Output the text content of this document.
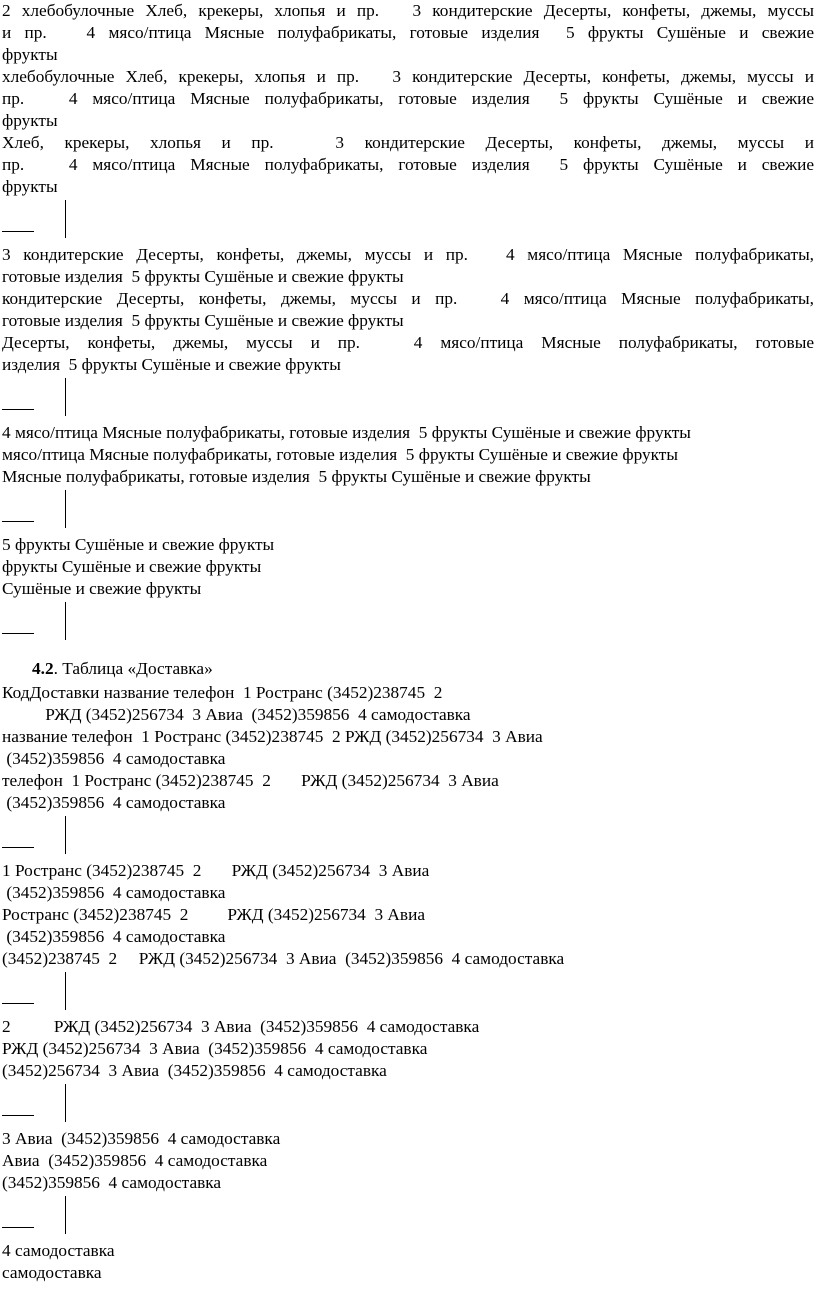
2 хлебобулочные Хлеб, крекеры, хлопья и пр.   3 кондитерские Десерты, конфеты, джемы, муссы
и пр.   4 мясо/птица Мясные полуфабрикаты, готовые изделия  5 фрукты Сушёные и свежие
фрукты
хлебобулочные Хлеб, крекеры, хлопья и пр.   3 кондитерские Десерты, конфеты, джемы, муссы и
пр.   4 мясо/птица Мясные полуфабрикаты, готовые изделия  5 фрукты Сушёные и свежие
фрукты
Хлеб, крекеры, хлопья и пр.   3 кондитерские Десерты, конфеты, джемы, муссы и
пр.   4 мясо/птица Мясные полуфабрикаты, готовые изделия  5 фрукты Сушёные и свежие
фрукты
3 кондитерские Десерты, конфеты, джемы, муссы и пр.   4 мясо/птица Мясные полуфабрикаты,
готовые изделия  5 фрукты Сушёные и свежие фрукты
кондитерские Десерты, конфеты, джемы, муссы и пр.   4 мясо/птица Мясные полуфабрикаты,
готовые изделия  5 фрукты Сушёные и свежие фрукты
Десерты, конфеты, джемы, муссы и пр.   4 мясо/птица Мясные полуфабрикаты, готовые
изделия  5 фрукты Сушёные и свежие фрукты
4 мясо/птица Мясные полуфабрикаты, готовые изделия  5 фрукты Сушёные и свежие фрукты
мясо/птица Мясные полуфабрикаты, готовые изделия  5 фрукты Сушёные и свежие фрукты
Мясные полуфабрикаты, готовые изделия  5 фрукты Сушёные и свежие фрукты
5 фрукты Сушёные и свежие фрукты
фрукты Сушёные и свежие фрукты
Сушёные и свежие фрукты
4.2. Таблица «Доставка»
КодДоставки название телефон  1 Ространс (3452)238745  2
РЖД (3452)256734  3 Авиа  (3452)359856  4 самодоставка
название телефон  1 Ространс (3452)238745  2 РЖД (3452)256734  3 Авиа
(3452)359856  4 самодоставка
телефон  1 Ространс (3452)238745  2       РЖД (3452)256734  3 Авиа
(3452)359856  4 самодоставка
1 Ространс (3452)238745  2       РЖД (3452)256734  3 Авиа
(3452)359856  4 самодоставка
Ространс (3452)238745  2         РЖД (3452)256734  3 Авиа
(3452)359856  4 самодоставка
(3452)238745  2     РЖД (3452)256734  3 Авиа  (3452)359856  4 самодоставка
2          РЖД (3452)256734  3 Авиа  (3452)359856  4 самодоставка
РЖД (3452)256734  3 Авиа  (3452)359856  4 самодоставка
(3452)256734  3 Авиа  (3452)359856  4 самодоставка
3 Авиа  (3452)359856  4 самодоставка
Авиа  (3452)359856  4 самодоставка
(3452)359856  4 самодоставка
4 самодоставка
самодоставка
